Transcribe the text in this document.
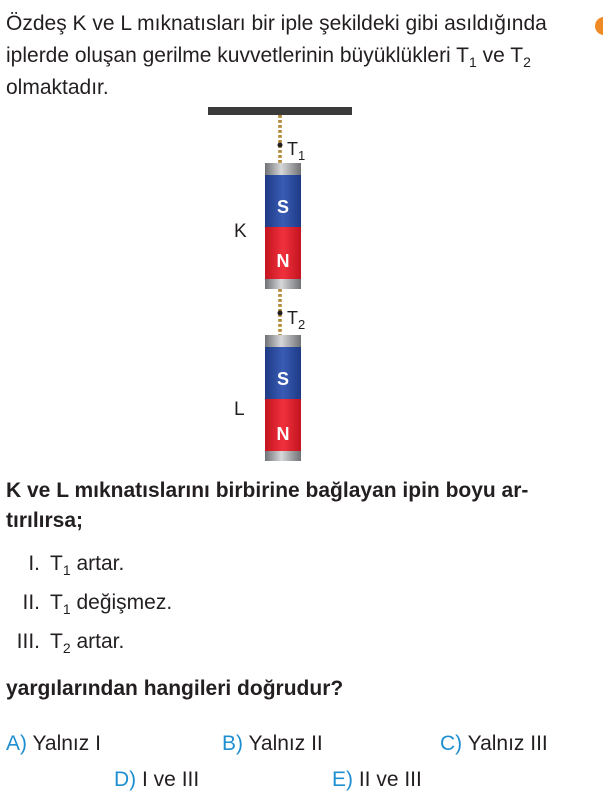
Özdeş K ve L mıknatısları bir iple şekildeki gibi asıldığında
iplerde oluşan gerilme kuvvetlerinin büyüklükleri $T_1$ ve $T_2$
olmaktadır.
$T_1$
S
N
K
$T_2$
S
N
L
K ve L mıknatıslarını birbirine bağlayan ipin boyu ar-
tırılırsa;
I. $T_1$ artar.
II. $T_1$ değişmez.
III. $T_2$ artar.
yargılarından hangileri doğrudur?
A) Yalnız I	B) Yalnız II	C) Yalnız III
D) I ve III	E) II ve III
